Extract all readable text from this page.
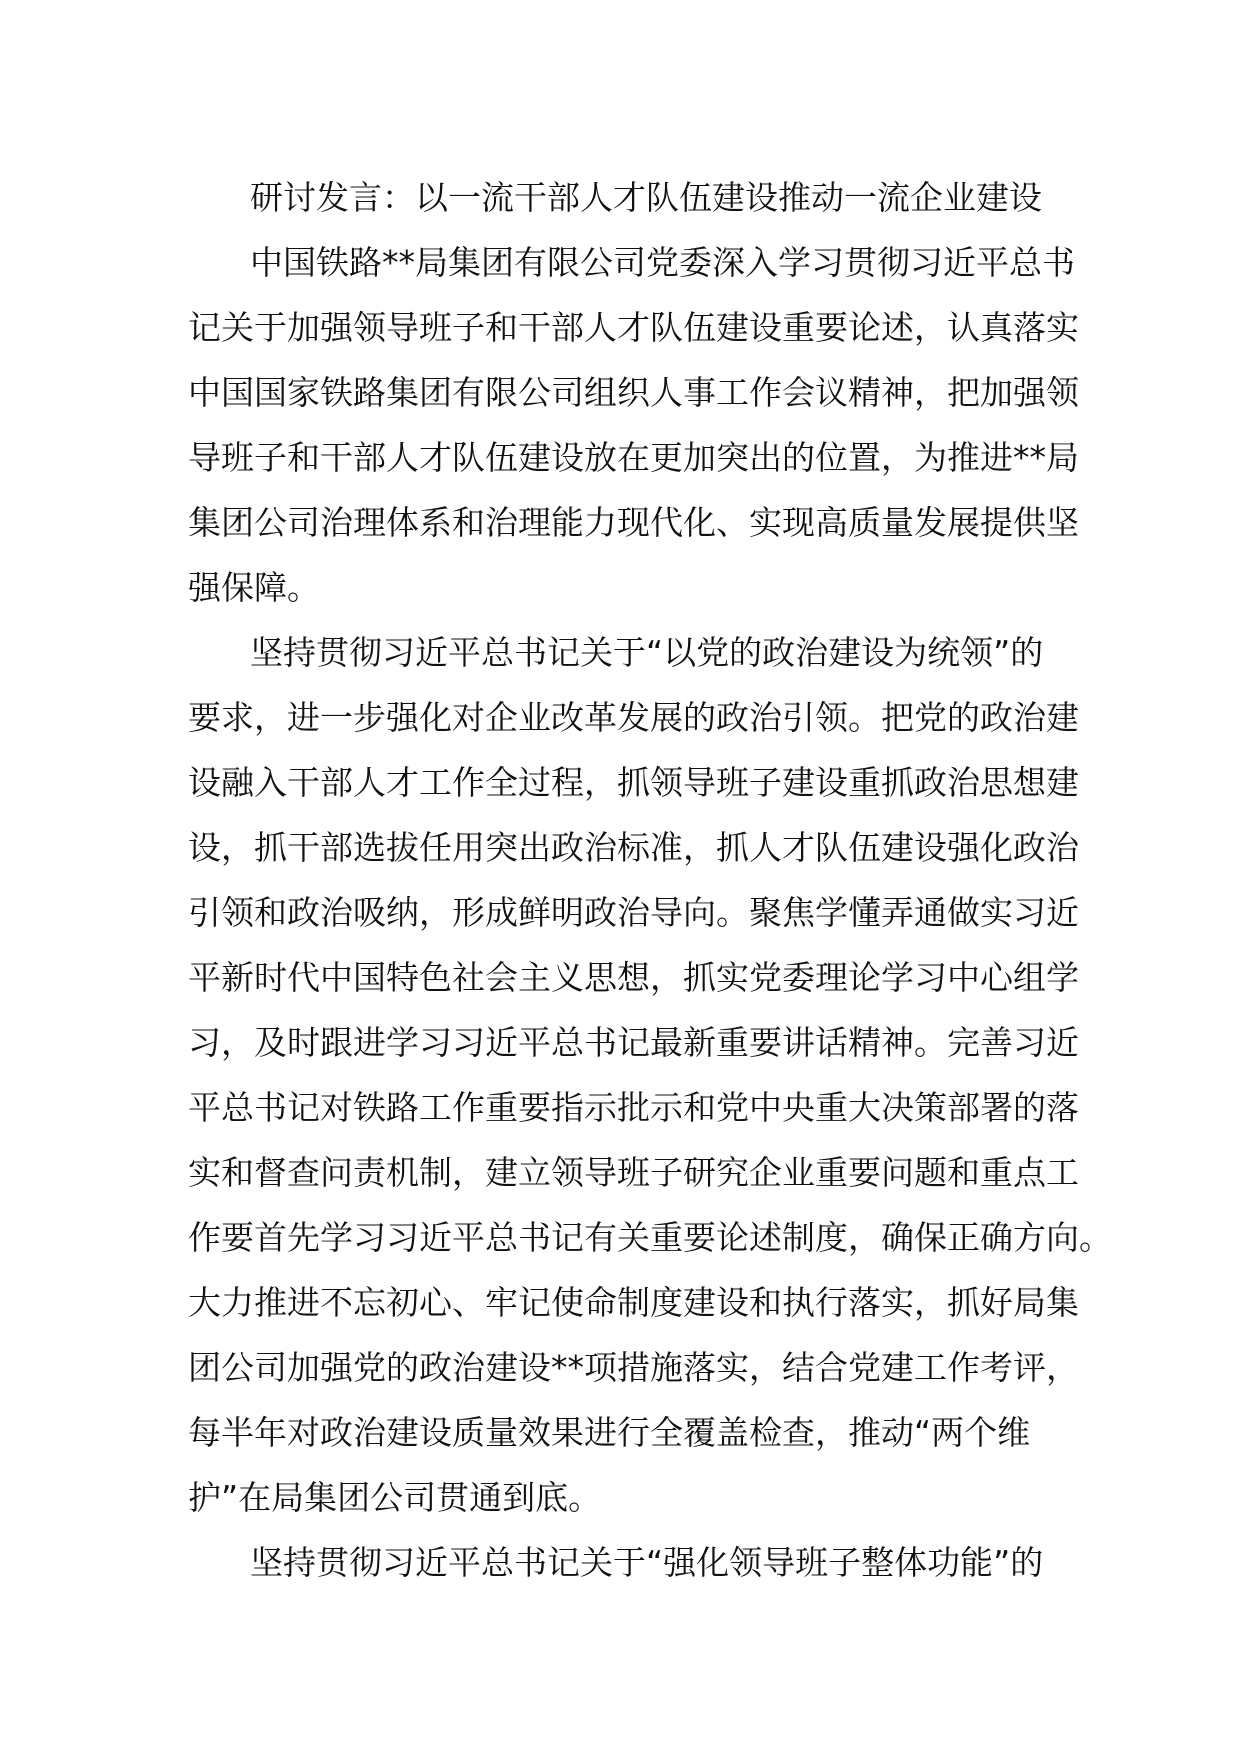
研讨发言：以一流干部人才队伍建设推动一流企业建设
中国铁路**局集团有限公司党委深入学习贯彻习近平总书
记关于加强领导班子和干部人才队伍建设重要论述，认真落实
中国国家铁路集团有限公司组织人事工作会议精神，把加强领
导班子和干部人才队伍建设放在更加突出的位置，为推进**局
集团公司治理体系和治理能力现代化、实现高质量发展提供坚
强保障。
坚持贯彻习近平总书记关于“以党的政治建设为统领”的
要求，进一步强化对企业改革发展的政治引领。把党的政治建
设融入干部人才工作全过程，抓领导班子建设重抓政治思想建
设，抓干部选拔任用突出政治标准，抓人才队伍建设强化政治
引领和政治吸纳，形成鲜明政治导向。聚焦学懂弄通做实习近
平新时代中国特色社会主义思想，抓实党委理论学习中心组学
习，及时跟进学习习近平总书记最新重要讲话精神。完善习近
平总书记对铁路工作重要指示批示和党中央重大决策部署的落
实和督查问责机制，建立领导班子研究企业重要问题和重点工
作要首先学习习近平总书记有关重要论述制度，确保正确方向。
大力推进不忘初心、牢记使命制度建设和执行落实，抓好局集
团公司加强党的政治建设**项措施落实，结合党建工作考评，
每半年对政治建设质量效果进行全覆盖检查，推动“两个维
护”在局集团公司贯通到底。
坚持贯彻习近平总书记关于“强化领导班子整体功能”的
